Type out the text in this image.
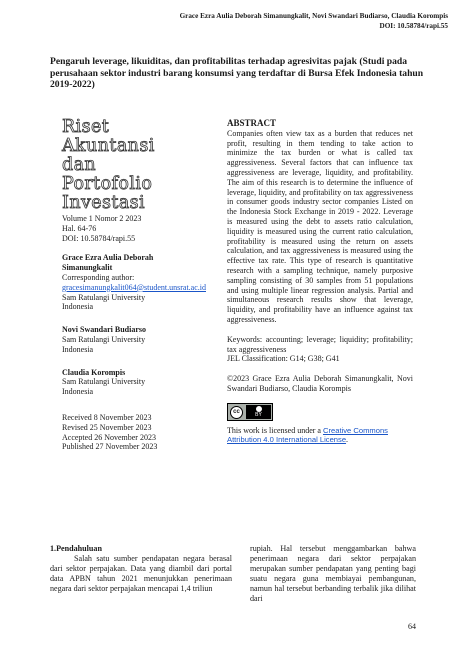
Grace Ezra Aulia Deborah Simanungkalit, Novi Swandari Budiarso, Claudia Korompis
DOI: 10.58784/rapi.55
Pengaruh leverage, likuiditas, dan profitabilitas terhadap agresivitas pajak (Studi pada perusahaan sektor industri barang konsumsi yang terdaftar di Bursa Efek Indonesia tahun 2019-2022)
Riset
Akuntansi
dan
Portofolio
Investasi
Volume 1 Nomor 2 2023
Hal. 64-76
DOI: 10.58784/rapi.55
Grace Ezra Aulia Deborah
Simanungkalit
Corresponding author:
gracesimanungkalit064@student.unsrat.ac.id
Sam Ratulangi University
Indonesia
Novi Swandari Budiarso
Sam Ratulangi University
Indonesia
Claudia Korompis
Sam Ratulangi University
Indonesia
Received 8 November 2023
Revised 25 November 2023
Accepted 26 November 2023
Published 27 November 2023
ABSTRACT
Companies often view tax as a burden that reduces net profit, resulting in them tending to take action to minimize the tax burden or what is called tax aggressiveness. Several factors that can influence tax aggressiveness are leverage, liquidity, and profitability. The aim of this research is to determine the influence of leverage, liquidity, and profitability on tax aggressiveness in consumer goods industry sector companies Listed on the Indonesia Stock Exchange in 2019 - 2022. Leverage is measured using the debt to assets ratio calculation, liquidity is measured using the current ratio calculation, profitability is measured using the return on assets calculation, and tax aggressiveness is measured using the effective tax rate. This type of research is quantitative research with a sampling technique, namely purposive sampling consisting of 30 samples from 51 populations and using multiple linear regression analysis. Partial and simultaneous research results show that leverage, liquidity, and profitability have an influence against tax aggressiveness.
Keywords: accounting; leverage; liquidity; profitability; tax aggressiveness
JEL Classification: G14; G38; G41
©2023 Grace Ezra Aulia Deborah Simanungkalit, Novi Swandari Budiarso, Claudia Korompis
cc	BY
This work is licensed under a Creative Commons
Attribution 4.0 International License.
1.Pendahuluan
Salah satu sumber pendapatan negara berasal dari sektor perpajakan. Data yang diambil dari portal data APBN tahun 2021 menunjukkan penerimaan negara dari sektor perpajakan mencapai 1,4 triliun
rupiah. Hal tersebut menggambarkan bahwa penerimaan negara dari sektor perpajakan merupakan sumber pendapatan yang penting bagi suatu negara guna membiayai pembangunan, namun hal tersebut berbanding terbalik jika dilihat dari
64
